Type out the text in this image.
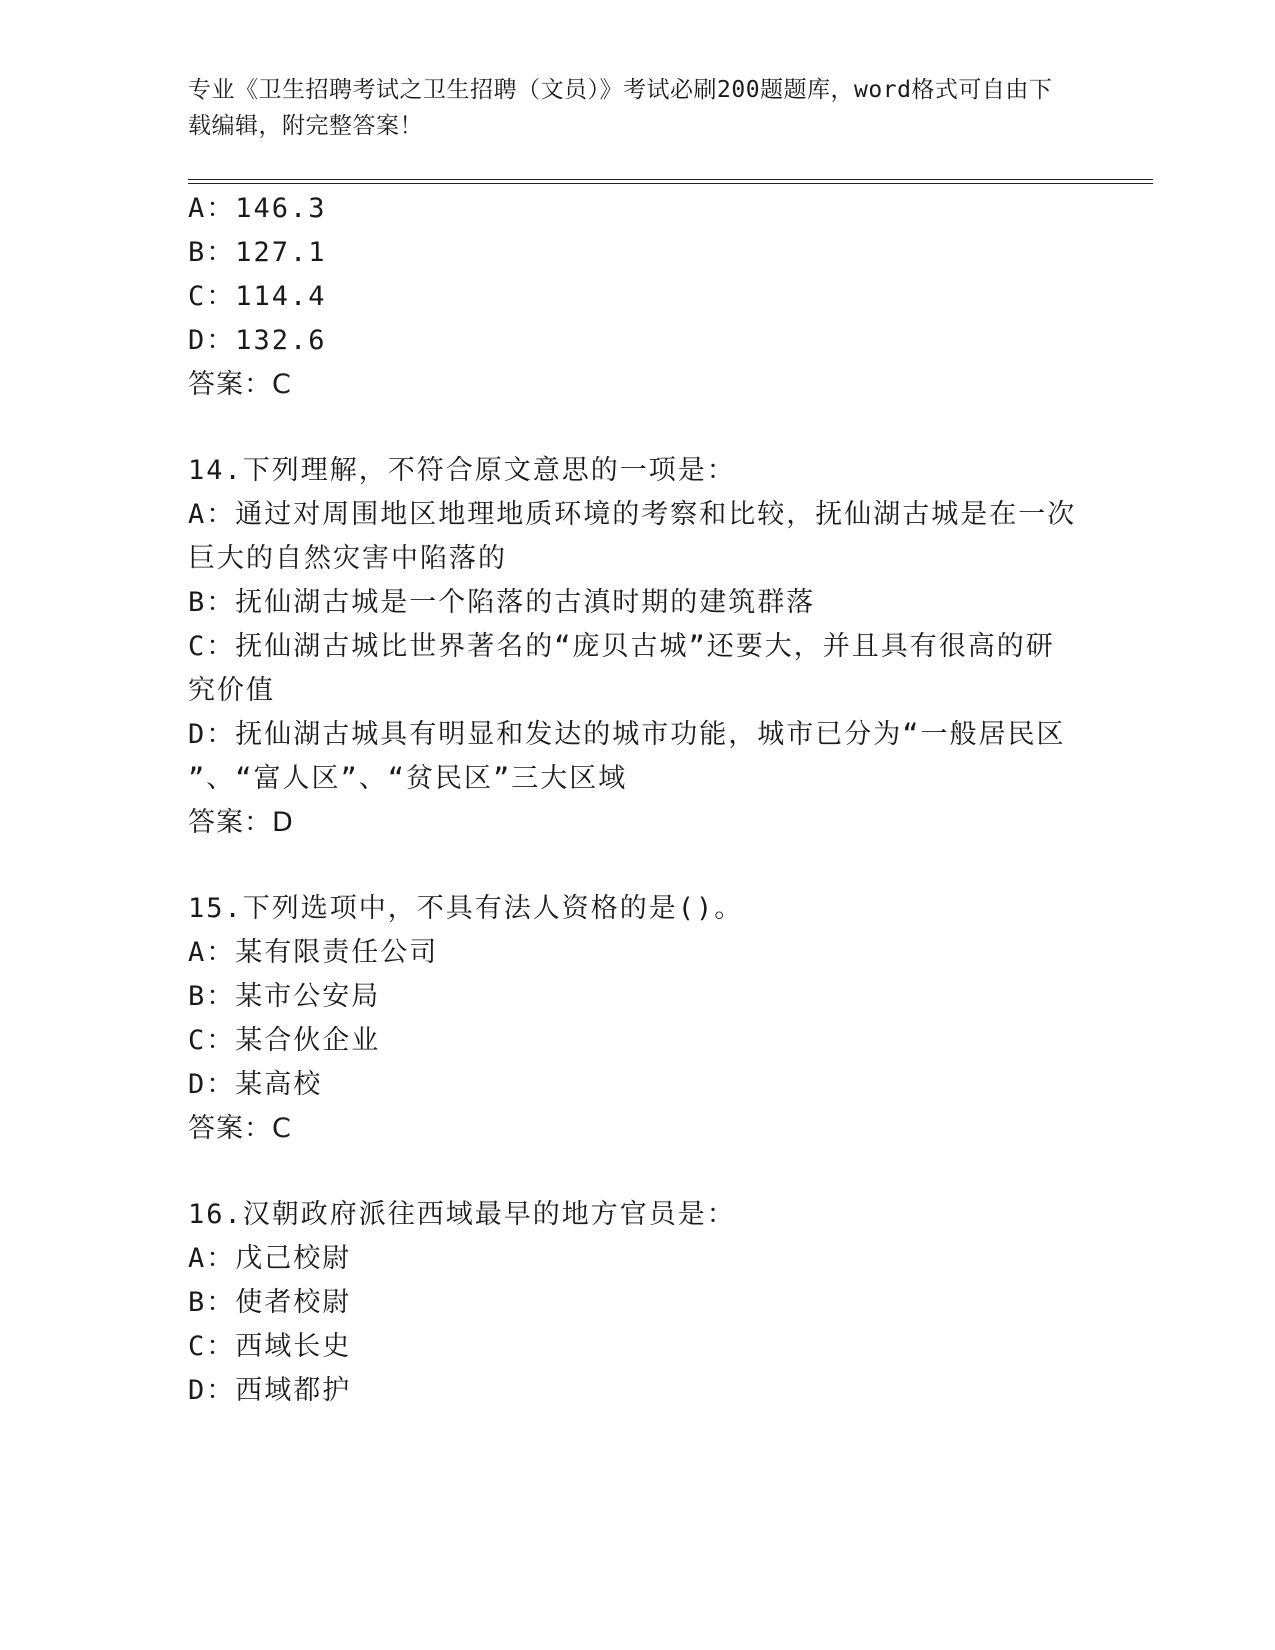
专业《卫生招聘考试之卫生招聘（文员）》考试必刷200题题库，word格式可自由下载编辑，附完整答案！
A：146.3
B：127.1
C：114.4
D：132.6
答案：C
14.下列理解，不符合原文意思的一项是：
A：通过对周围地区地理地质环境的考察和比较，抚仙湖古城是在一次
巨大的自然灾害中陷落的
B：抚仙湖古城是一个陷落的古滇时期的建筑群落
C：抚仙湖古城比世界著名的“庞贝古城”还要大，并且具有很高的研
究价值
D：抚仙湖古城具有明显和发达的城市功能，城市已分为“一般居民区
”、“富人区”、“贫民区”三大区域
答案：D
15.下列选项中，不具有法人资格的是()。
A：某有限责任公司
B：某市公安局
C：某合伙企业
D：某高校
答案：C
16.汉朝政府派往西域最早的地方官员是：
A：戊己校尉
B：使者校尉
C：西域长史
D：西域都护
